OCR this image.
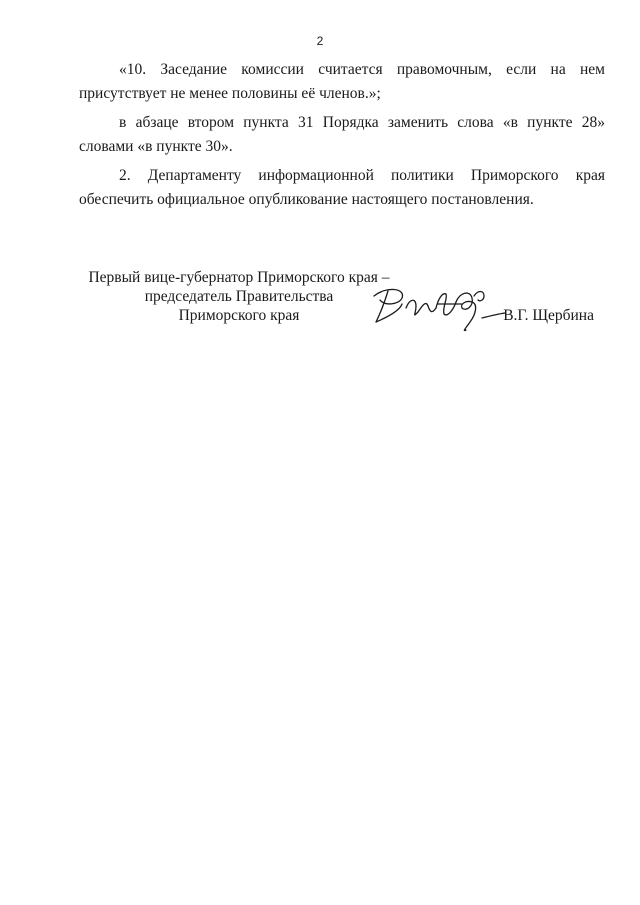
2

«10. Заседание комиссии считается правомочным, если на нем присутствует не менее половины её членов.»;

в абзаце втором пункта 31 Порядка заменить слова «в пункте 28» словами «в пункте 30».

2. Департаменту информационной политики Приморского края обеспечить официальное опубликование настоящего постановления.

Первый вице-губернатор Приморского края –
председатель Правительства
Приморского края	В.Г. Щербина
